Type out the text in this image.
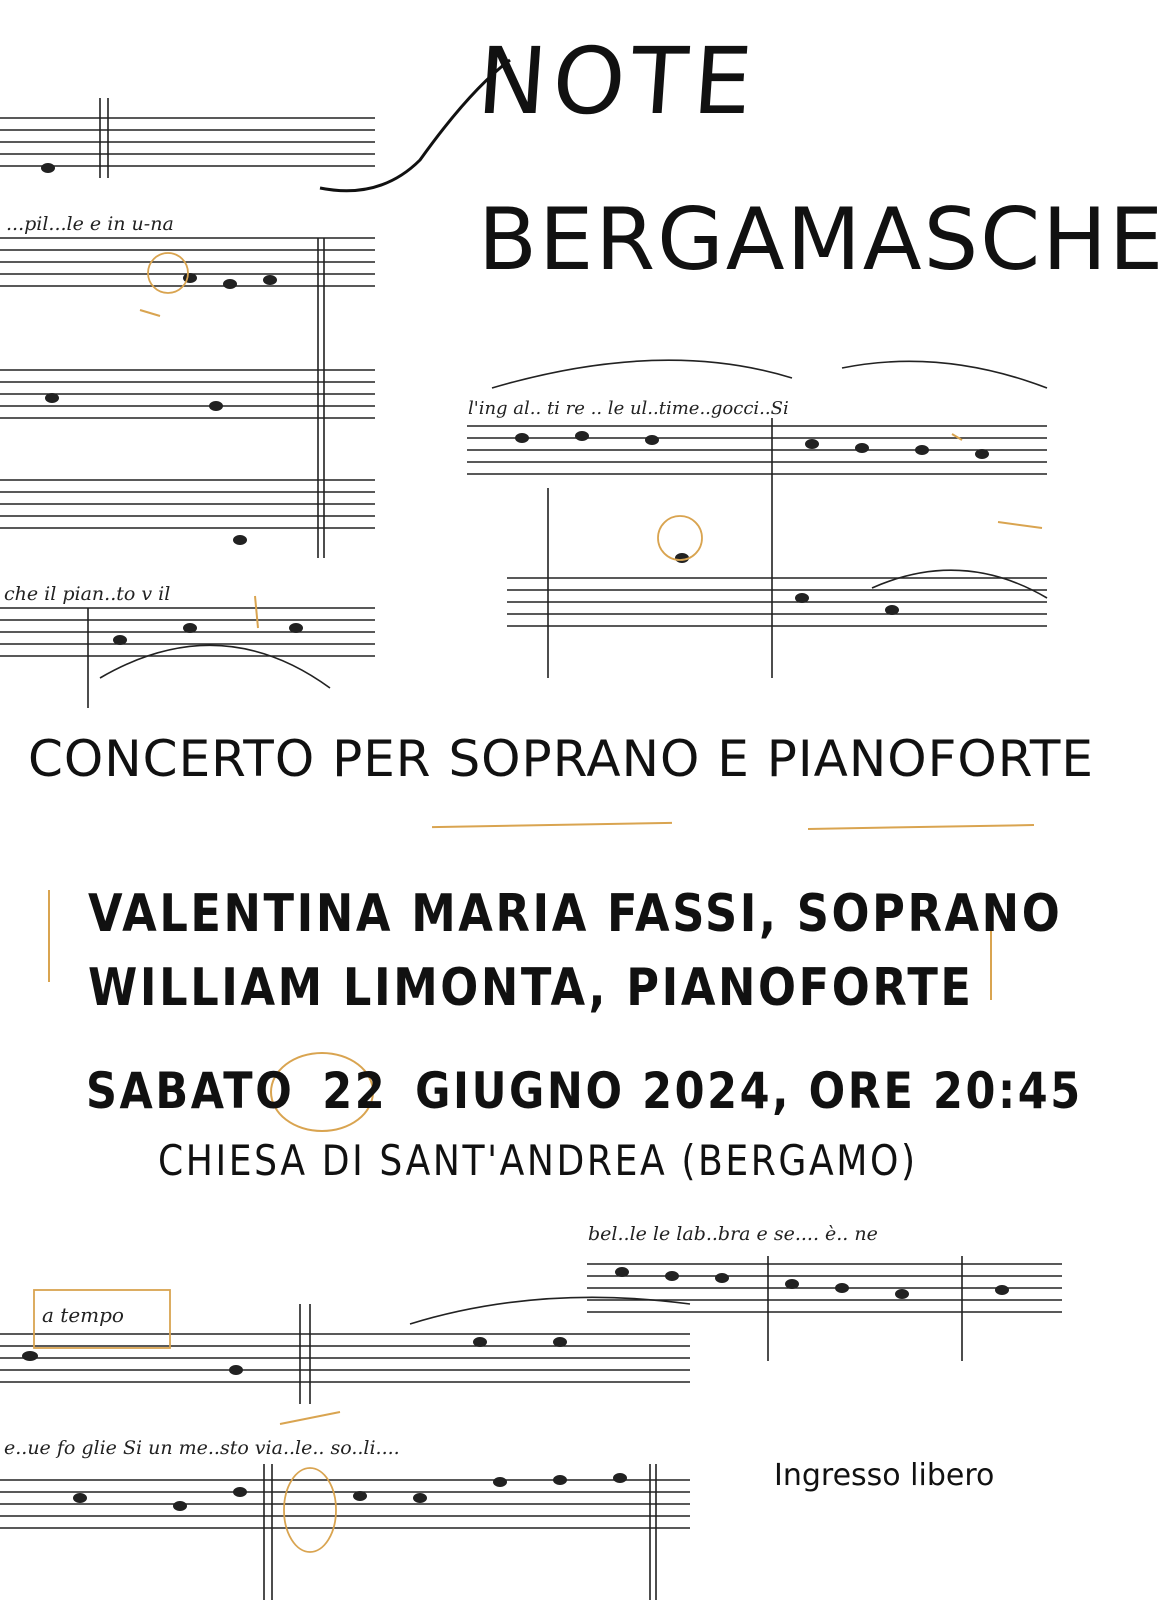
...pil...le e in u-na
che il pian..to v il
NOTE
BERGAMASCHE
l'ing al.. ti re .. le ul..time..gocci..Si
CONCERTO PER SOPRANO E PIANOFORTE
VALENTINA MARIA FASSI, SOPRANO
WILLIAM LIMONTA, PIANOFORTE
SABATO 22 GIUGNO 2024, ORE 20:45
CHIESA DI SANT'ANDREA (BERGAMO)
bel..le le lab..bra e se.... è.. ne
a tempo
e..ue fo glie Si un me..sto via..le.. so..li....
Ingresso libero
